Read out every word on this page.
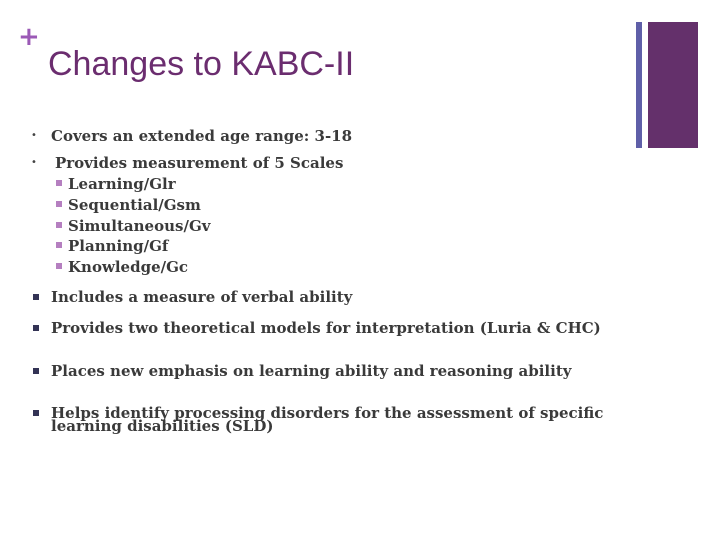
+
Changes to KABC-II
• Covers an extended age range: 3-18
• Provides measurement of 5 Scales
Learning/Glr
Sequential/Gsm
Simultaneous/Gv
Planning/Gf
Knowledge/Gc
Includes a measure of verbal ability
Provides two theoretical models for interpretation (Luria & CHC)
Places new emphasis on learning ability and reasoning ability
Helps identify processing disorders for the assessment of specific
learning disabilities (SLD)
